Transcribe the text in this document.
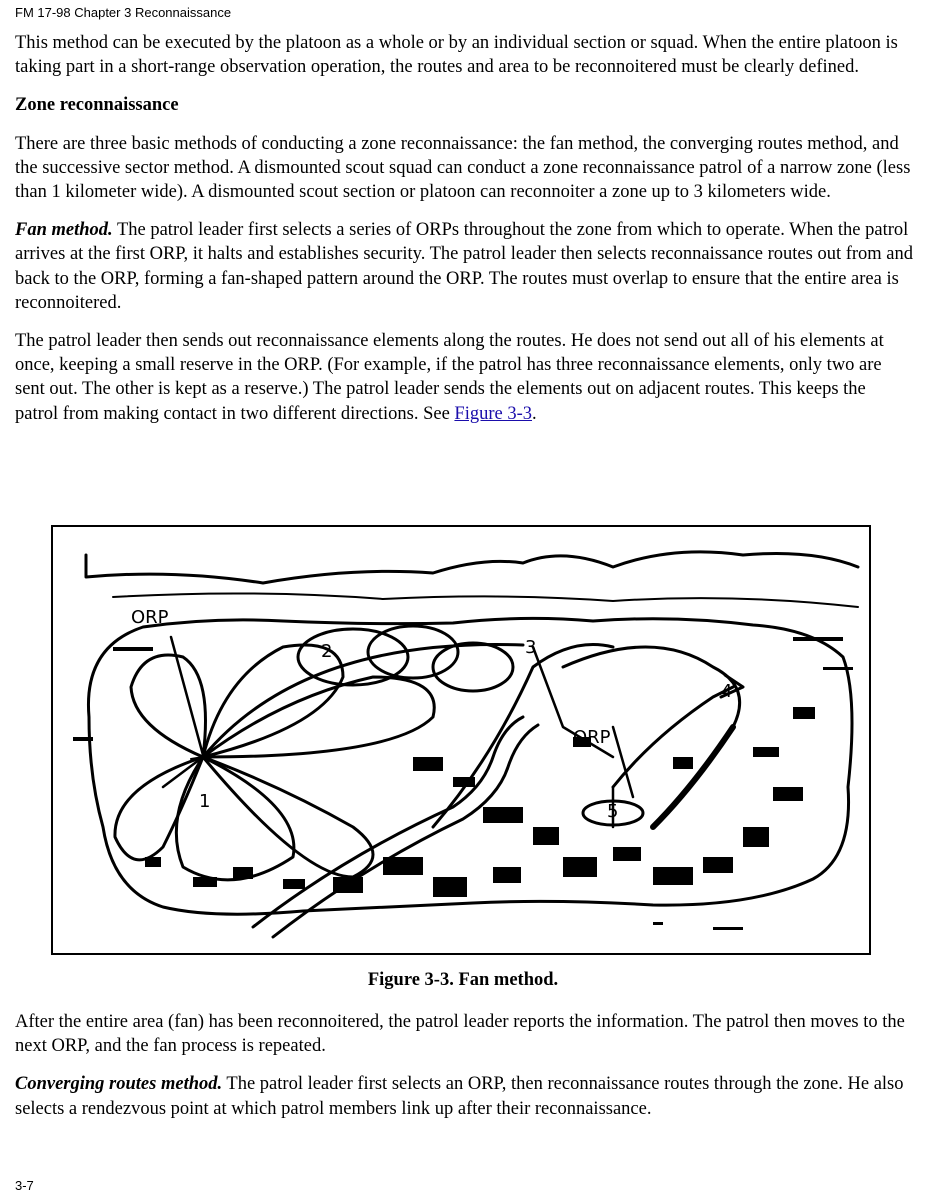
FM 17-98 Chapter 3 Reconnaissance

This method can be executed by the platoon as a whole or by an individual section or squad. When the entire platoon is taking part in a short-range observation operation, the routes and area to be reconnoitered must be clearly defined.

Zone reconnaissance

There are three basic methods of conducting a zone reconnaissance: the fan method, the converging routes method, and the successive sector method. A dismounted scout squad can conduct a zone reconnaissance patrol of a narrow zone (less than 1 kilometer wide). A dismounted scout section or platoon can reconnoiter a zone up to 3 kilometers wide.

Fan method. The patrol leader first selects a series of ORPs throughout the zone from which to operate. When the patrol arrives at the first ORP, it halts and establishes security. The patrol leader then selects reconnaissance routes out from and back to the ORP, forming a fan-shaped pattern around the ORP. The routes must overlap to ensure that the entire area is reconnoitered.

The patrol leader then sends out reconnaissance elements along the routes. He does not send out all of his elements at once, keeping a small reserve in the ORP. (For example, if the patrol has three reconnaissance elements, only two are sent out. The other is kept as a reserve.) The patrol leader sends the elements out on adjacent routes. This keeps the patrol from making contact in two different directions. See Figure 3-3.

ORP
ORP
1
2	3
4
5
Figure 3-3. Fan method.

After the entire area (fan) has been reconnoitered, the patrol leader reports the information. The patrol then moves to the next ORP, and the fan process is repeated.

Converging routes method. The patrol leader first selects an ORP, then reconnaissance routes through the zone. He also selects a rendezvous point at which patrol members link up after their reconnaissance.

3-7
